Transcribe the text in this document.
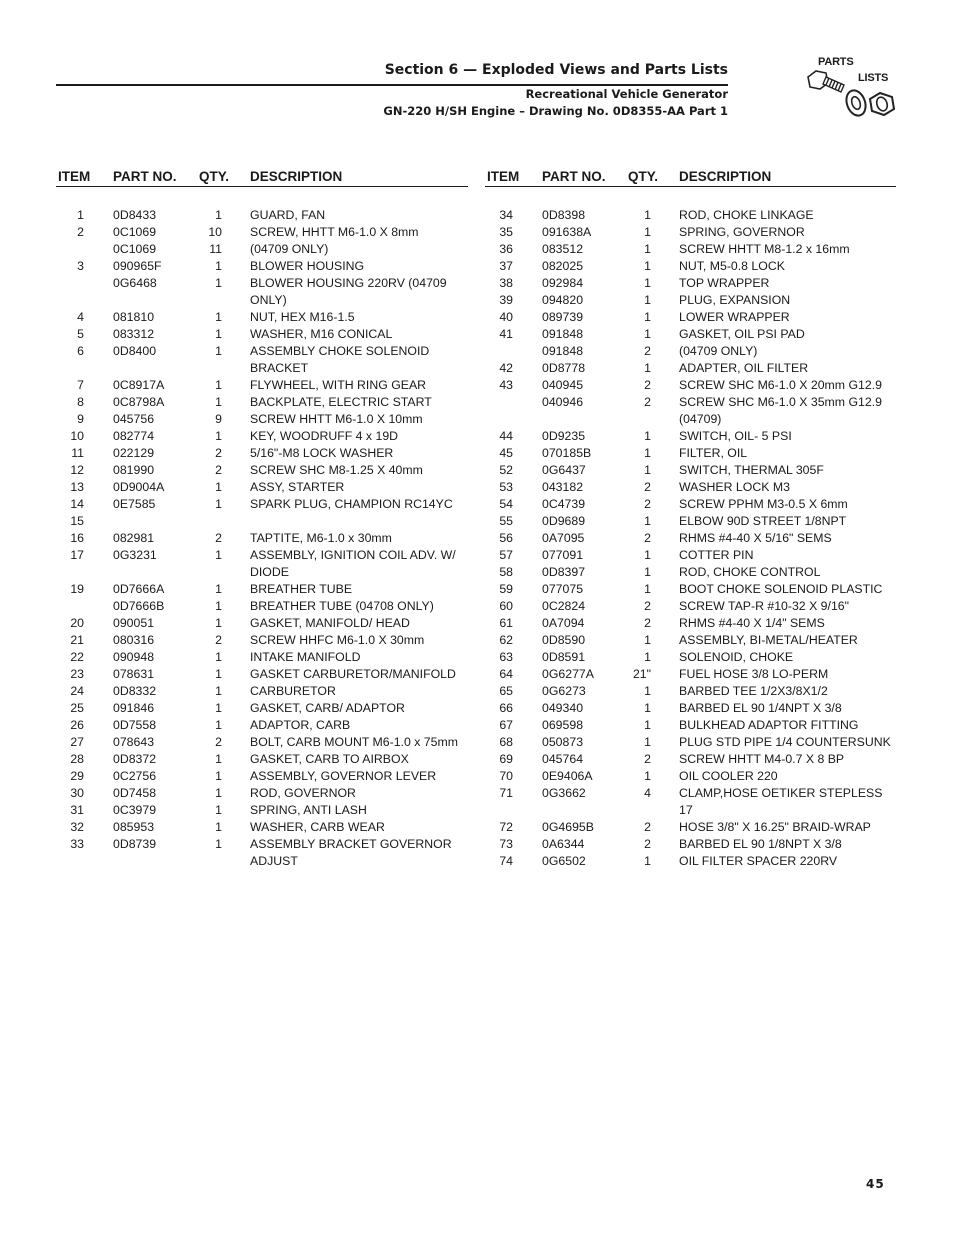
Section 6 — Exploded Views and Parts Lists
Recreational Vehicle Generator
GN-220 H/SH Engine – Drawing No. 0D8355-AA Part 1
PARTS
LISTS
ITEM PART NO. QTY. DESCRIPTION
1 0D8433	1 GUARD, FAN
2 0C1069	10 SCREW, HHTT M6-1.0 X 8mm
0C1069	11 (04709 ONLY)
3 090965F	1 BLOWER HOUSING
0G6468	1 BLOWER HOUSING 220RV (04709 ONLY)
4 081810	1 NUT, HEX M16-1.5
5 083312	1 WASHER, M16 CONICAL
6 0D8400	1 ASSEMBLY CHOKE SOLENOID BRACKET
7 0C8917A	1 FLYWHEEL, WITH RING GEAR
8 0C8798A	1 BACKPLATE, ELECTRIC START
9 045756	9 SCREW HHTT M6-1.0 X 10mm
10 082774	1 KEY, WOODRUFF 4 x 19D
11 022129	2 5/16"-M8 LOCK WASHER
12 081990	2 SCREW SHC M8-1.25 X 40mm
13 0D9004A	1 ASSY, STARTER
14 0E7585	1 SPARK PLUG, CHAMPION RC14YC
15
16 082981	2 TAPTITE, M6-1.0 x 30mm
17 0G3231	1 ASSEMBLY, IGNITION COIL ADV. W/ DIODE
19 0D7666A	1 BREATHER TUBE
0D7666B	1 BREATHER TUBE (04708 ONLY)
20 090051	1 GASKET, MANIFOLD/ HEAD
21 080316	2 SCREW HHFC M6-1.0 X 30mm
22 090948	1 INTAKE MANIFOLD
23 078631	1 GASKET CARBURETOR/MANIFOLD
24 0D8332	1 CARBURETOR
25 091846	1 GASKET, CARB/ ADAPTOR
26 0D7558	1 ADAPTOR, CARB
27 078643	2 BOLT, CARB MOUNT M6-1.0 x 75mm
28 0D8372	1 GASKET, CARB TO AIRBOX
29 0C2756	1 ASSEMBLY, GOVERNOR LEVER
30 0D7458	1 ROD, GOVERNOR
31 0C3979	1 SPRING, ANTI LASH
32 085953	1 WASHER, CARB WEAR
33 0D8739	1 ASSEMBLY BRACKET GOVERNOR ADJUST
ITEM PART NO. QTY. DESCRIPTION
34 0D8398	1 ROD, CHOKE LINKAGE
35 091638A	1 SPRING, GOVERNOR
36 083512	1 SCREW HHTT M8-1.2 x 16mm
37 082025	1 NUT, M5-0.8 LOCK
38 092984	1 TOP WRAPPER
39 094820	1 PLUG, EXPANSION
40 089739	1 LOWER WRAPPER
41 091848	1 GASKET, OIL PSI PAD
091848	2 (04709 ONLY)
42 0D8778	1 ADAPTER, OIL FILTER
43 040945	2 SCREW SHC M6-1.0 X 20mm G12.9
040946	2 SCREW SHC M6-1.0 X 35mm G12.9 (04709)
44 0D9235	1 SWITCH, OIL- 5 PSI
45 070185B	1 FILTER, OIL
52 0G6437	1 SWITCH, THERMAL 305F
53 043182	2 WASHER LOCK M3
54 0C4739	2 SCREW PPHM M3-0.5 X 6mm
55 0D9689	1 ELBOW 90D STREET 1/8NPT
56 0A7095	2 RHMS #4-40 X 5/16" SEMS
57 077091	1 COTTER PIN
58 0D8397	1 ROD, CHOKE CONTROL
59 077075	1 BOOT CHOKE SOLENOID PLASTIC
60 0C2824	2 SCREW TAP-R #10-32 X 9/16"
61 0A7094	2 RHMS #4-40 X 1/4" SEMS
62 0D8590	1 ASSEMBLY, BI-METAL/HEATER
63 0D8591	1 SOLENOID, CHOKE
64 0G6277A	21" FUEL HOSE 3/8 LO-PERM
65 0G6273	1 BARBED TEE 1/2X3/8X1/2
66 049340	1 BARBED EL 90 1/4NPT X 3/8
67 069598	1 BULKHEAD ADAPTOR FITTING
68 050873	1 PLUG STD PIPE 1/4 COUNTERSUNK
69 045764	2 SCREW HHTT M4-0.7 X 8 BP
70 0E9406A	1 OIL COOLER 220
71 0G3662	4 CLAMP,HOSE OETIKER STEPLESS 17
72 0G4695B	2 HOSE 3/8" X 16.25" BRAID-WRAP
73 0A6344	2 BARBED EL 90 1/8NPT X 3/8
74 0G6502	1 OIL FILTER SPACER 220RV
45
